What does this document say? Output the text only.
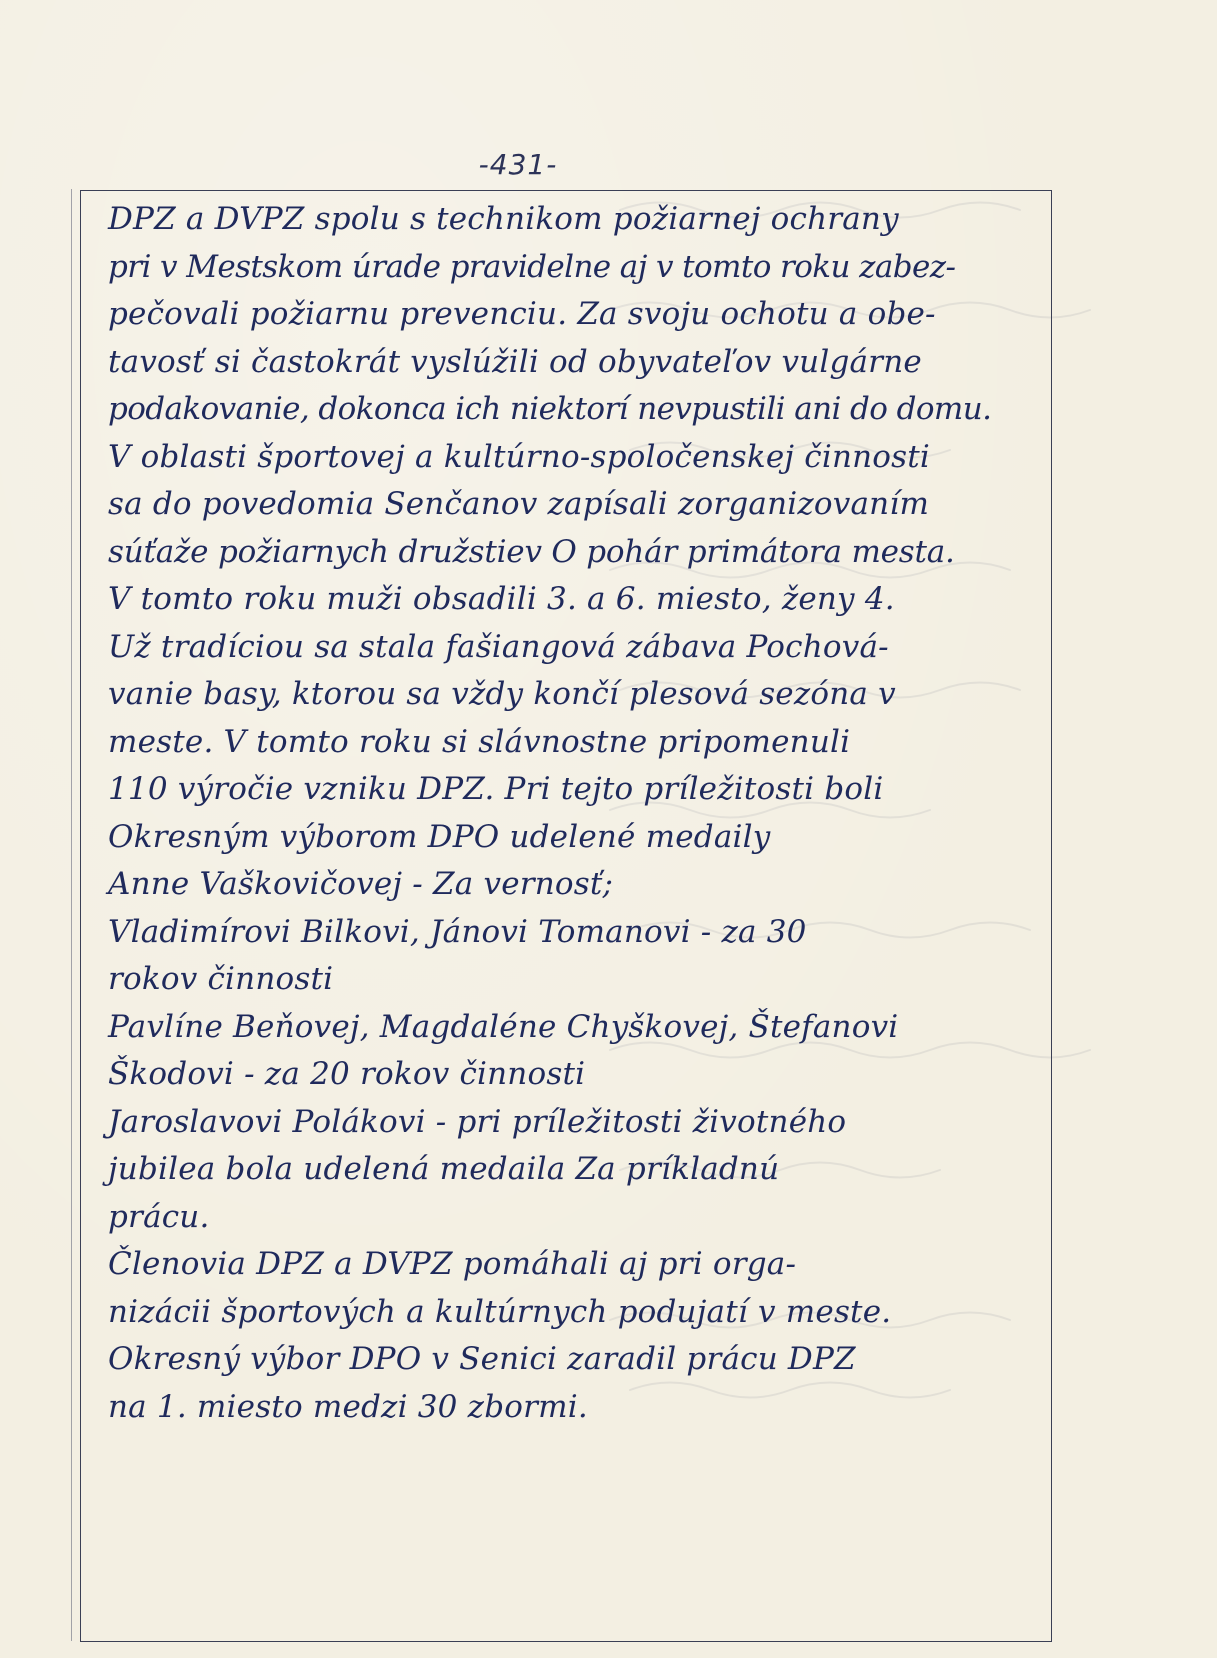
-431-
DPZ a DVPZ spolu s technikom požiarnej ochrany
pri v Mestskom úrade pravidelne aj v tomto roku zabez-
pečovali požiarnu prevenciu. Za svoju ochotu a obe-
tavosť si častokrát vyslúžili od obyvateľov vulgárne
podakovanie, dokonca ich niektorí nevpustili ani do domu.
V oblasti športovej a kultúrno-spoločenskej činnosti
sa do povedomia Senčanov zapísali zorganizovaním
súťaže požiarnych družstiev O pohár primátora mesta.
V tomto roku muži obsadili 3. a 6. miesto, ženy 4.
Už tradíciou sa stala fašiangová zábava Pochová-
vanie basy, ktorou sa vždy končí plesová sezóna v
meste. V tomto roku si slávnostne pripomenuli
110 výročie vzniku DPZ. Pri tejto príležitosti boli
Okresným výborom DPO udelené medaily
Anne Vaškovičovej - Za vernosť;
Vladimírovi Bilkovi, Jánovi Tomanovi - za 30
rokov činnosti
Pavlíne Beňovej, Magdaléne Chyškovej, Štefanovi
Škodovi - za 20 rokov činnosti
Jaroslavovi Polákovi - pri príležitosti životného
jubilea bola udelená medaila Za príkladnú
prácu.
Členovia DPZ a DVPZ pomáhali aj pri orga-
nizácii športových a kultúrnych podujatí v meste.
Okresný výbor DPO v Senici zaradil prácu DPZ
na 1. miesto medzi 30 zbormi.
